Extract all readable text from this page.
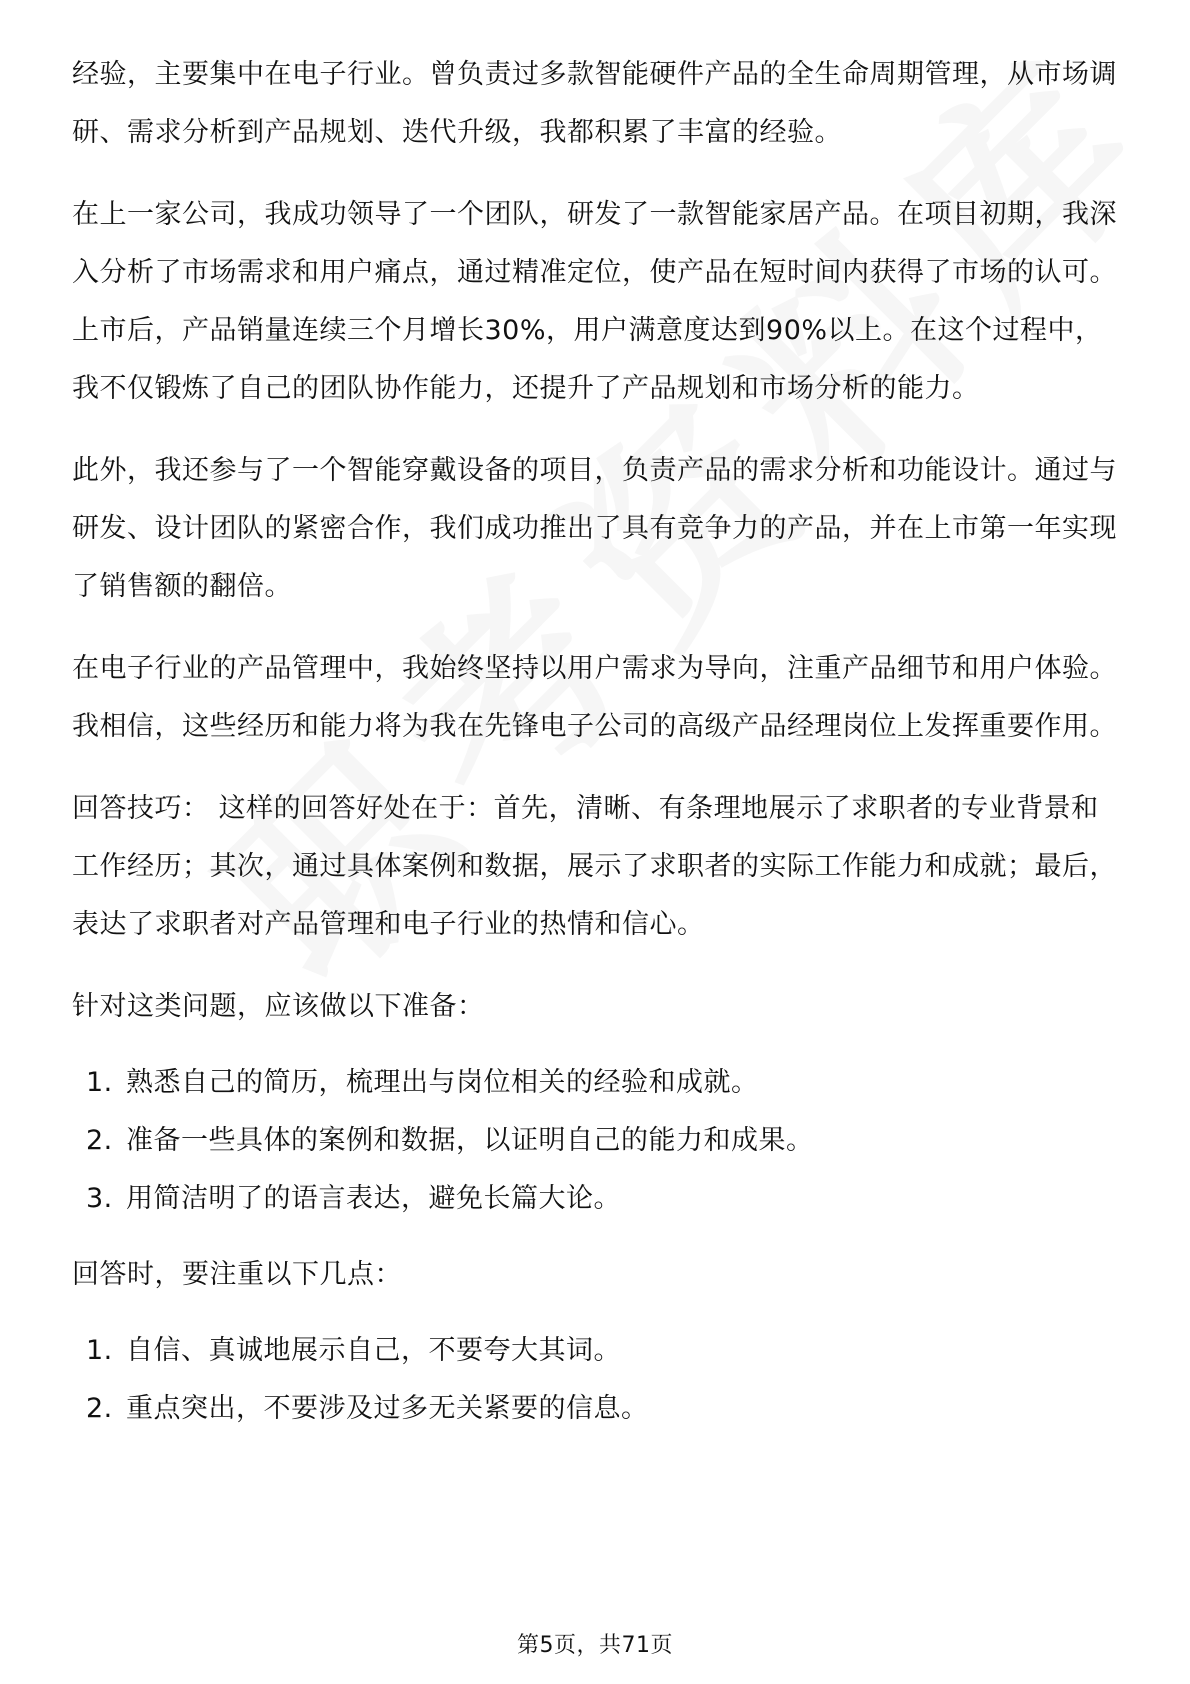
经验，主要集中在电子行业。曾负责过多款智能硬件产品的全生命周期管理，从市场调研、需求分析到产品规划、迭代升级，我都积累了丰富的经验。

在上一家公司，我成功领导了一个团队，研发了一款智能家居产品。在项目初期，我深入分析了市场需求和用户痛点，通过精准定位，使产品在短时间内获得了市场的认可。上市后，产品销量连续三个月增长30%，用户满意度达到90%以上。在这个过程中，我不仅锻炼了自己的团队协作能力，还提升了产品规划和市场分析的能力。

此外，我还参与了一个智能穿戴设备的项目，负责产品的需求分析和功能设计。通过与研发、设计团队的紧密合作，我们成功推出了具有竞争力的产品，并在上市第一年实现了销售额的翻倍。

在电子行业的产品管理中，我始终坚持以用户需求为导向，注重产品细节和用户体验。我相信，这些经历和能力将为我在先锋电子公司的高级产品经理岗位上发挥重要作用。

回答技巧： 这样的回答好处在于：首先，清晰、有条理地展示了求职者的专业背景和工作经历；其次，通过具体案例和数据，展示了求职者的实际工作能力和成就；最后，表达了求职者对产品管理和电子行业的热情和信心。

针对这类问题，应该做以下准备：

1. 熟悉自己的简历，梳理出与岗位相关的经验和成就。
2. 准备一些具体的案例和数据，以证明自己的能力和成果。
3. 用简洁明了的语言表达，避免长篇大论。

回答时，要注重以下几点：

1. 自信、真诚地展示自己，不要夸大其词。
2. 重点突出，不要涉及过多无关紧要的信息。
第5页，共71页
